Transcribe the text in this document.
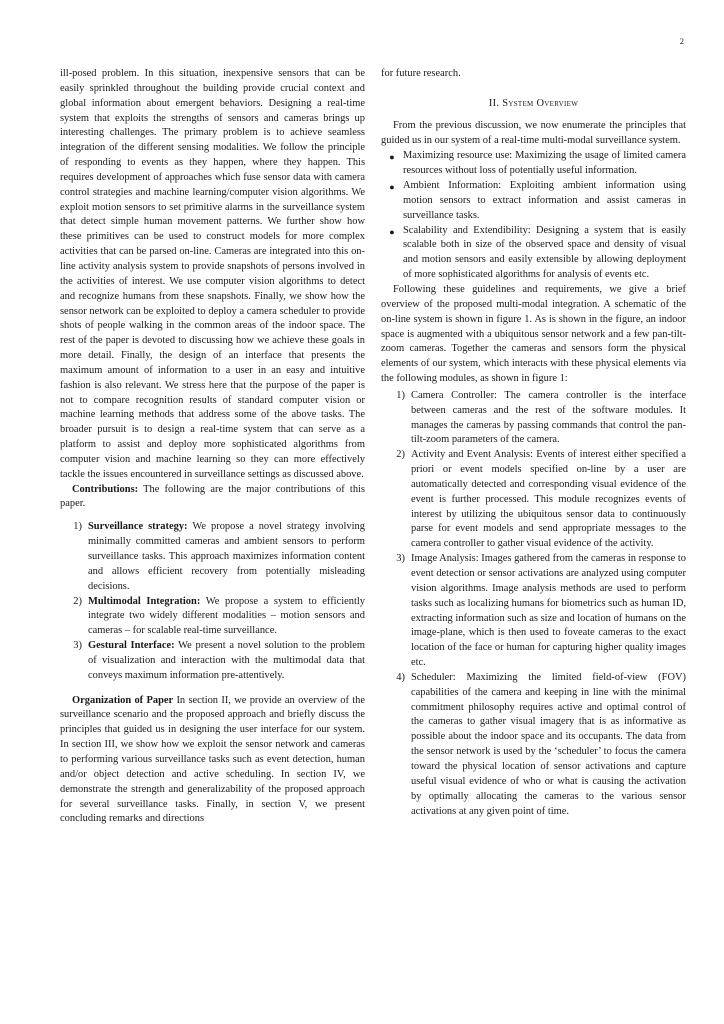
2

ill-posed problem. In this situation, inexpensive sensors that can be easily sprinkled throughout the building provide crucial context and global information about emergent behaviors. Designing a real-time system that exploits the strengths of sensors and cameras brings up interesting challenges. The primary problem is to achieve seamless integration of the different sensing modalities. We follow the principle of responding to events as they happen, where they happen. This requires development of approaches which fuse sensor data with camera control strategies and machine learning/computer vision algorithms. We exploit motion sensors to set primitive alarms in the surveillance system that detect simple human movement patterns. We further show how these primitives can be used to construct models for more complex activities that can be parsed on-line. Cameras are integrated into this on-line activity analysis system to provide snapshots of persons involved in the activities of interest. We use computer vision algorithms to detect and recognize humans from these snapshots. Finally, we show how the sensor network can be exploited to deploy a camera scheduler to provide shots of people walking in the common areas of the indoor space. The rest of the paper is devoted to discussing how we achieve these goals in more detail. Finally, the design of an interface that presents the maximum amount of information to a user in an easy and intuitive fashion is also relevant. We stress here that the purpose of the paper is not to compare recognition results of standard computer vision or machine learning methods that address some of the above tasks. The broader pursuit is to design a real-time system that can serve as a platform to assist and deploy more sophisticated algorithms from computer vision and machine learning so they can more effectively tackle the issues encountered in surveillance settings as discussed above.

Contributions: The following are the major contributions of this paper.

1) Surveillance strategy: We propose a novel strategy involving minimally committed cameras and ambient sensors to perform surveillance tasks. This approach maximizes information content and allows efficient recovery from potentially misleading decisions.
2) Multimodal Integration: We propose a system to efficiently integrate two widely different modalities – motion sensors and cameras – for scalable real-time surveillance.
3) Gestural Interface: We present a novel solution to the problem of visualization and interaction with the multimodal data that conveys maximum information pre-attentively.

Organization of Paper In section II, we provide an overview of the surveillance scenario and the proposed approach and briefly discuss the principles that guided us in designing the user interface for our system. In section III, we show how we exploit the sensor network and cameras to performing various surveillance tasks such as event detection, human and/or object detection and active scheduling. In section IV, we demonstrate the strength and generalizability of the proposed approach for several surveillance tasks. Finally, in section V, we present concluding remarks and directions

for future research.

II. System Overview

From the previous discussion, we now enumerate the principles that guided us in our system of a real-time multi-modal surveillance system.

● Maximizing resource use: Maximizing the usage of limited camera resources without loss of potentially useful information.
● Ambient Information: Exploiting ambient information using motion sensors to extract information and assist cameras in surveillance tasks.
● Scalability and Extendibility: Designing a system that is easily scalable both in size of the observed space and density of visual and motion sensors and easily extensible by allowing deployment of more sophisticated algorithms for analysis of events etc.

Following these guidelines and requirements, we give a brief overview of the proposed multi-modal integration. A schematic of the on-line system is shown in figure 1. As is shown in the figure, an indoor space is augmented with a ubiquitous sensor network and a few pan-tilt-zoom cameras. Together the cameras and sensors form the physical elements of our system, which interacts with these physical elements via the following modules, as shown in figure 1:

1) Camera Controller: The camera controller is the interface between cameras and the rest of the software modules. It manages the cameras by passing commands that control the pan-tilt-zoom parameters of the camera.
2) Activity and Event Analysis: Events of interest either specified a priori or event models specified on-line by a user are automatically detected and corresponding visual evidence of the event is further processed. This module recognizes events of interest by utilizing the ubiquitous sensor data to continuously parse for event models and send appropriate messages to the camera controller to gather visual evidence of the activity.
3) Image Analysis: Images gathered from the cameras in response to event detection or sensor activations are analyzed using computer vision algorithms. Image analysis methods are used to perform tasks such as localizing humans for biometrics such as human ID, extracting information such as size and location of humans on the image-plane, which is then used to foveate cameras to the exact location of the face or human for capturing higher quality images etc.
4) Scheduler: Maximizing the limited field-of-view (FOV) capabilities of the camera and keeping in line with the minimal commitment philosophy requires active and optimal control of the cameras to gather visual imagery that is as informative as possible about the indoor space and its occupants. The data from the sensor network is used by the ‘scheduler’ to focus the camera toward the physical location of sensor activations and capture useful visual evidence of who or what is causing the activation by optimally allocating the cameras to the various sensor activations at any given point of time.
